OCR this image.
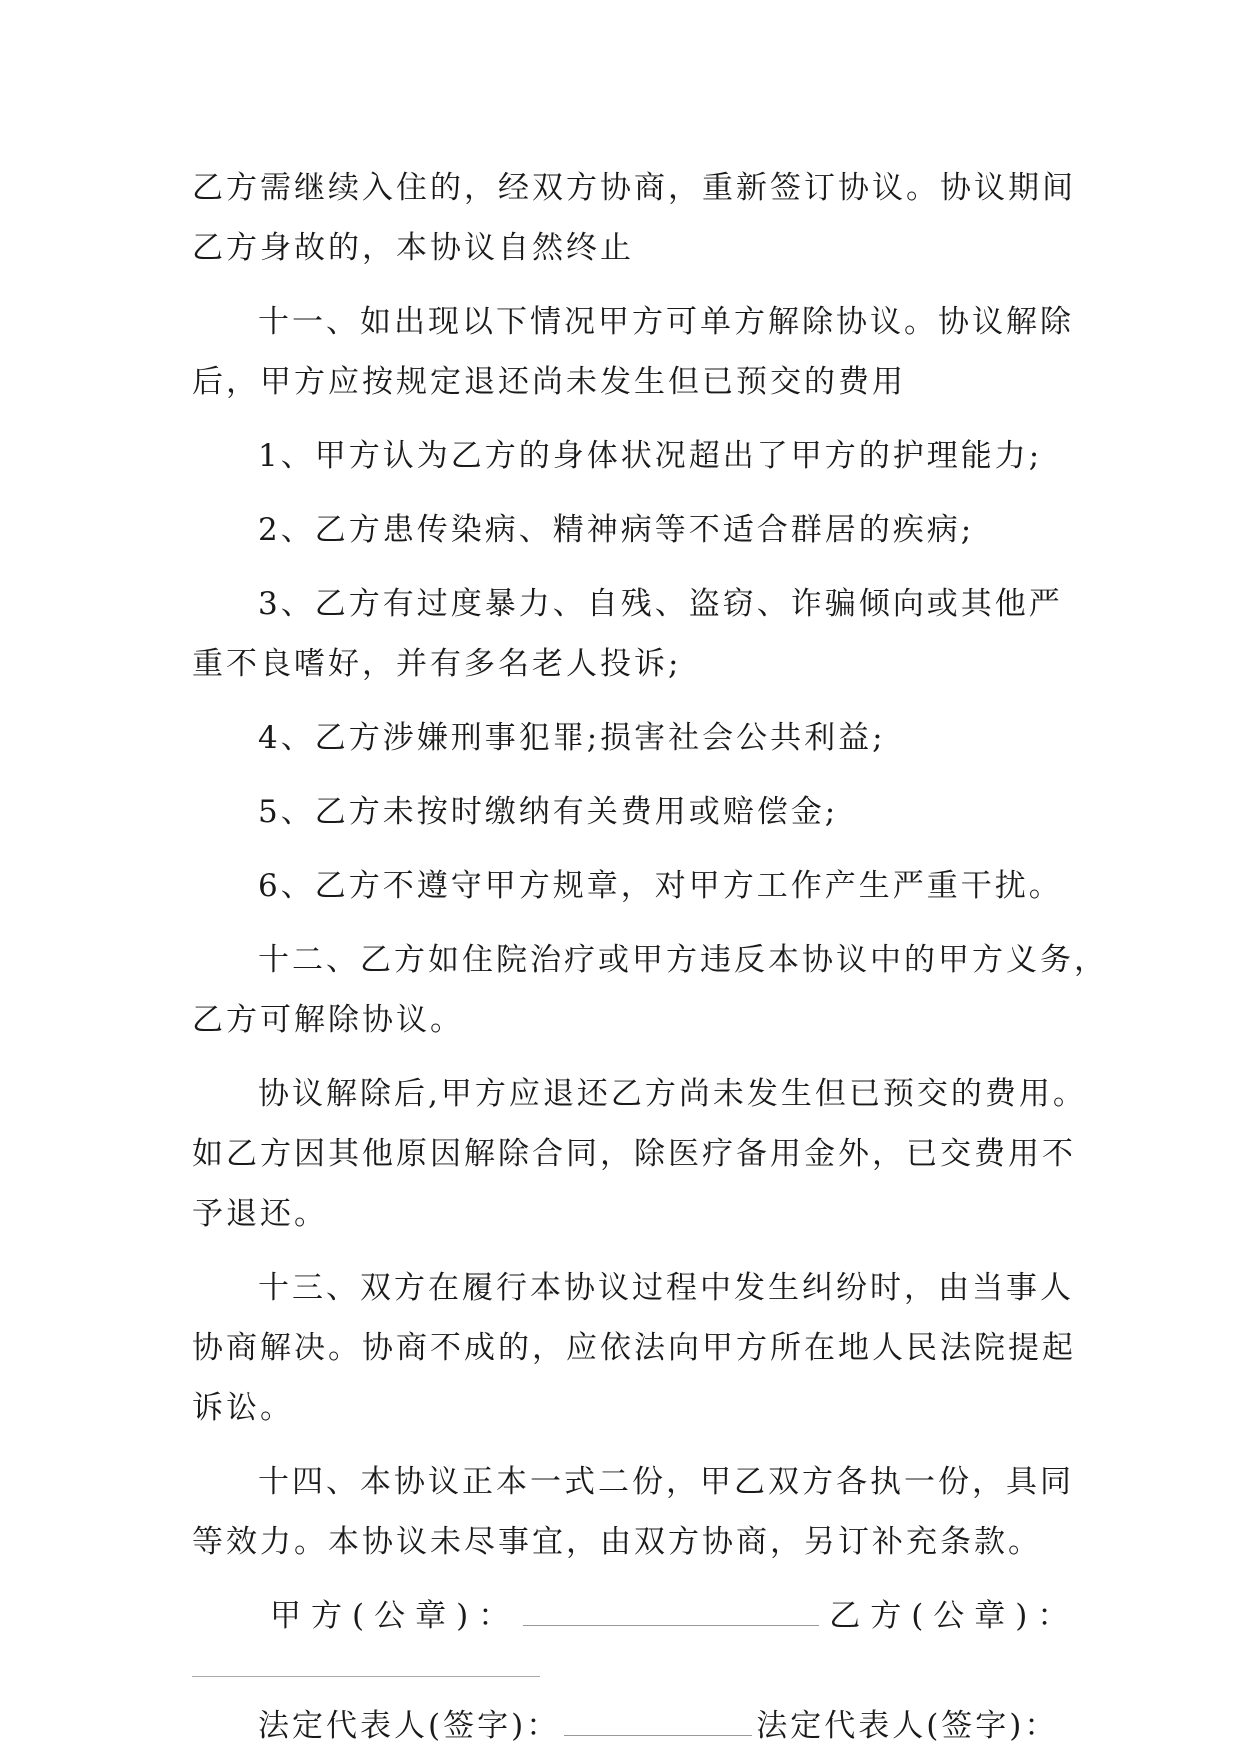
乙方需继续入住的，经双方协商，重新签订协议。协议期间

乙方身故的，本协议自然终止

十一、如出现以下情况甲方可单方解除协议。协议解除

后，甲方应按规定退还尚未发生但已预交的费用

1、甲方认为乙方的身体状况超出了甲方的护理能力;

2、乙方患传染病、精神病等不适合群居的疾病;

3、乙方有过度暴力、自残、盗窃、诈骗倾向或其他严

重不良嗜好，并有多名老人投诉;

4、乙方涉嫌刑事犯罪;损害社会公共利益;

5、乙方未按时缴纳有关费用或赔偿金;

6、乙方不遵守甲方规章，对甲方工作产生严重干扰。

十二、乙方如住院治疗或甲方违反本协议中的甲方义务，

乙方可解除协议。

协议解除后,甲方应退还乙方尚未发生但已预交的费用。

如乙方因其他原因解除合同，除医疗备用金外，已交费用不

予退还。

十三、双方在履行本协议过程中发生纠纷时，由当事人

协商解决。协商不成的，应依法向甲方所在地人民法院提起

诉讼。

十四、本协议正本一式二份，甲乙双方各执一份，具同

等效力。本协议未尽事宜，由双方协商，另订补充条款。

甲方(公章)：	乙方(公章)：

法定代表人(签字)：	法定代表人(签字)：
